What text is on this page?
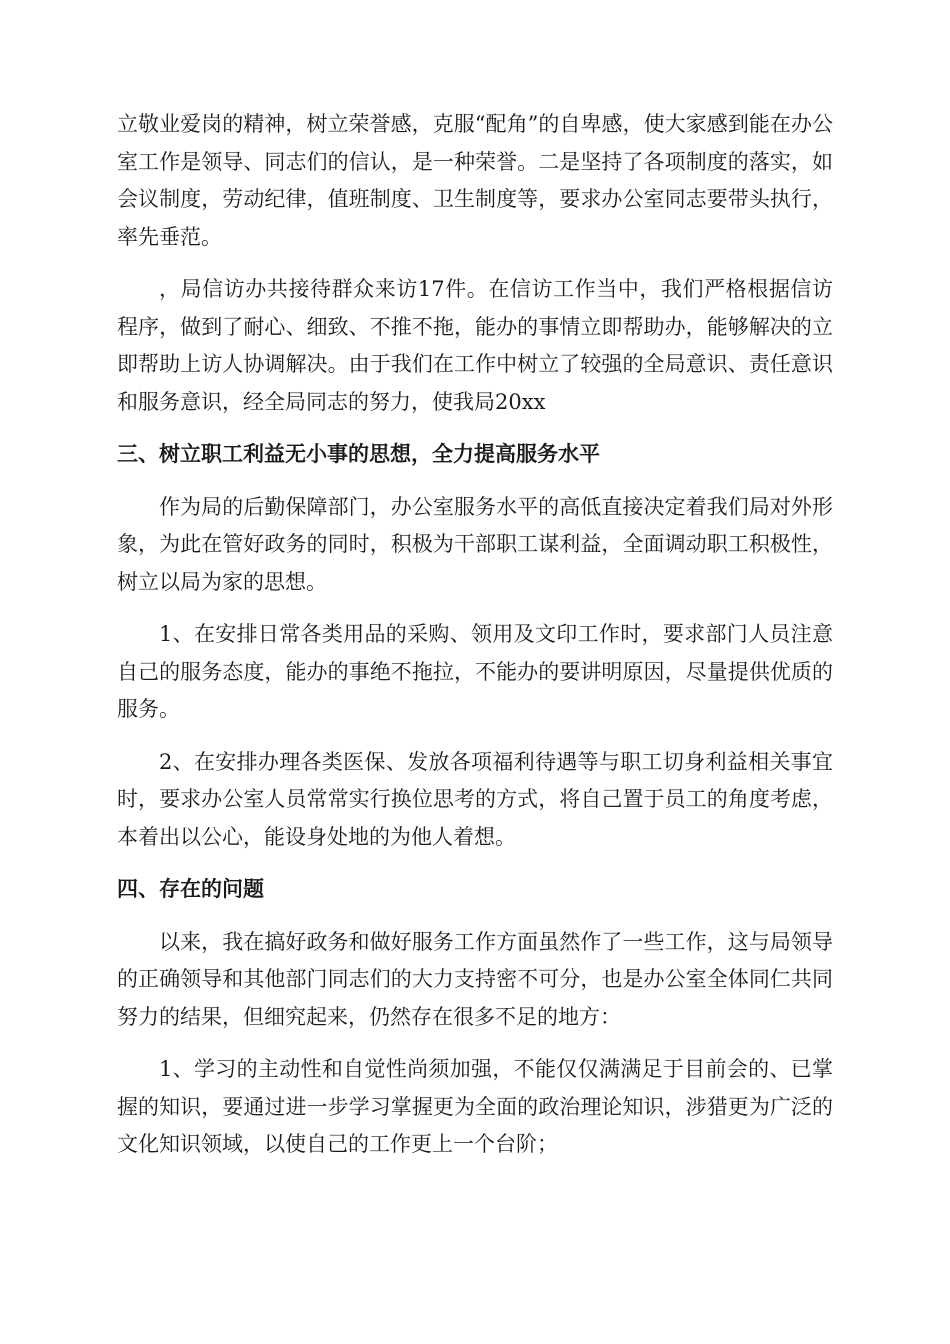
立敬业爱岗的精神，树立荣誉感，克服“配角”的自卑感，使大家感到能在办公室工作是领导、同志们的信认，是一种荣誉。二是坚持了各项制度的落实，如会议制度，劳动纪律，值班制度、卫生制度等，要求办公室同志要带头执行，率先垂范。

，局信访办共接待群众来访17件。在信访工作当中，我们严格根据信访程序，做到了耐心、细致、不推不拖，能办的事情立即帮助办，能够解决的立即帮助上访人协调解决。由于我们在工作中树立了较强的全局意识、责任意识和服务意识，经全局同志的努力，使我局20xx

三、树立职工利益无小事的思想，全力提高服务水平

作为局的后勤保障部门，办公室服务水平的高低直接决定着我们局对外形象，为此在管好政务的同时，积极为干部职工谋利益，全面调动职工积极性，树立以局为家的思想。

1、在安排日常各类用品的采购、领用及文印工作时，要求部门人员注意自己的服务态度，能办的事绝不拖拉，不能办的要讲明原因，尽量提供优质的服务。

2、在安排办理各类医保、发放各项福利待遇等与职工切身利益相关事宜时，要求办公室人员常常实行换位思考的方式，将自己置于员工的角度考虑，本着出以公心，能设身处地的为他人着想。

四、存在的问题

以来，我在搞好政务和做好服务工作方面虽然作了一些工作，这与局领导的正确领导和其他部门同志们的大力支持密不可分，也是办公室全体同仁共同努力的结果，但细究起来，仍然存在很多不足的地方：

1、学习的主动性和自觉性尚须加强，不能仅仅满满足于目前会的、已掌握的知识，要通过进一步学习掌握更为全面的政治理论知识，涉猎更为广泛的文化知识领域，以使自己的工作更上一个台阶；
